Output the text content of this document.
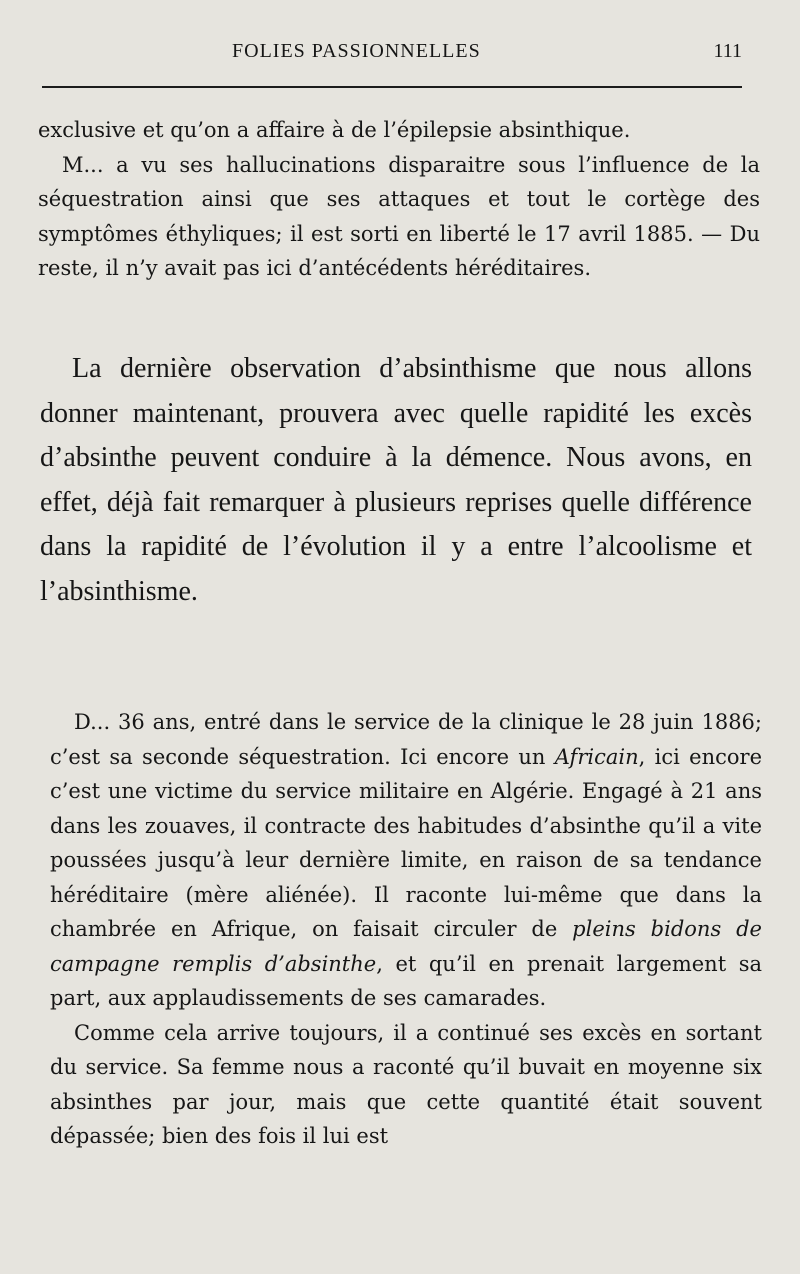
FOLIES PASSIONNELLES	111

exclusive et qu’on a affaire à de l’épilepsie absinthique.

M... a vu ses hallucinations disparaitre sous l’influence de la séquestration ainsi que ses attaques et tout le cortège des symptômes éthyliques; il est sorti en liberté le 17 avril 1885. — Du reste, il n’y avait pas ici d’antécédents héréditaires.

La dernière observation d’absinthisme que nous allons donner maintenant, prouvera avec quelle rapidité les excès d’absinthe peuvent conduire à la démence. Nous avons, en effet, déjà fait remarquer à plusieurs reprises quelle différence dans la rapidité de l’évolution il y a entre l’alcoolisme et l’absinthisme.

D... 36 ans, entré dans le service de la clinique le 28 juin 1886; c’est sa seconde séquestration. Ici encore un Africain, ici encore c’est une victime du service militaire en Algérie. Engagé à 21 ans dans les zouaves, il contracte des habitudes d’absinthe qu’il a vite poussées jusqu’à leur dernière limite, en raison de sa tendance héréditaire (mère aliénée). Il raconte lui-même que dans la chambrée en Afrique, on faisait circuler de pleins bidons de campagne remplis d’absinthe, et qu’il en prenait largement sa part, aux applaudissements de ses camarades.

Comme cela arrive toujours, il a continué ses excès en sortant du service. Sa femme nous a raconté qu’il buvait en moyenne six absinthes par jour, mais que cette quantité était souvent dépassée; bien des fois il lui est
